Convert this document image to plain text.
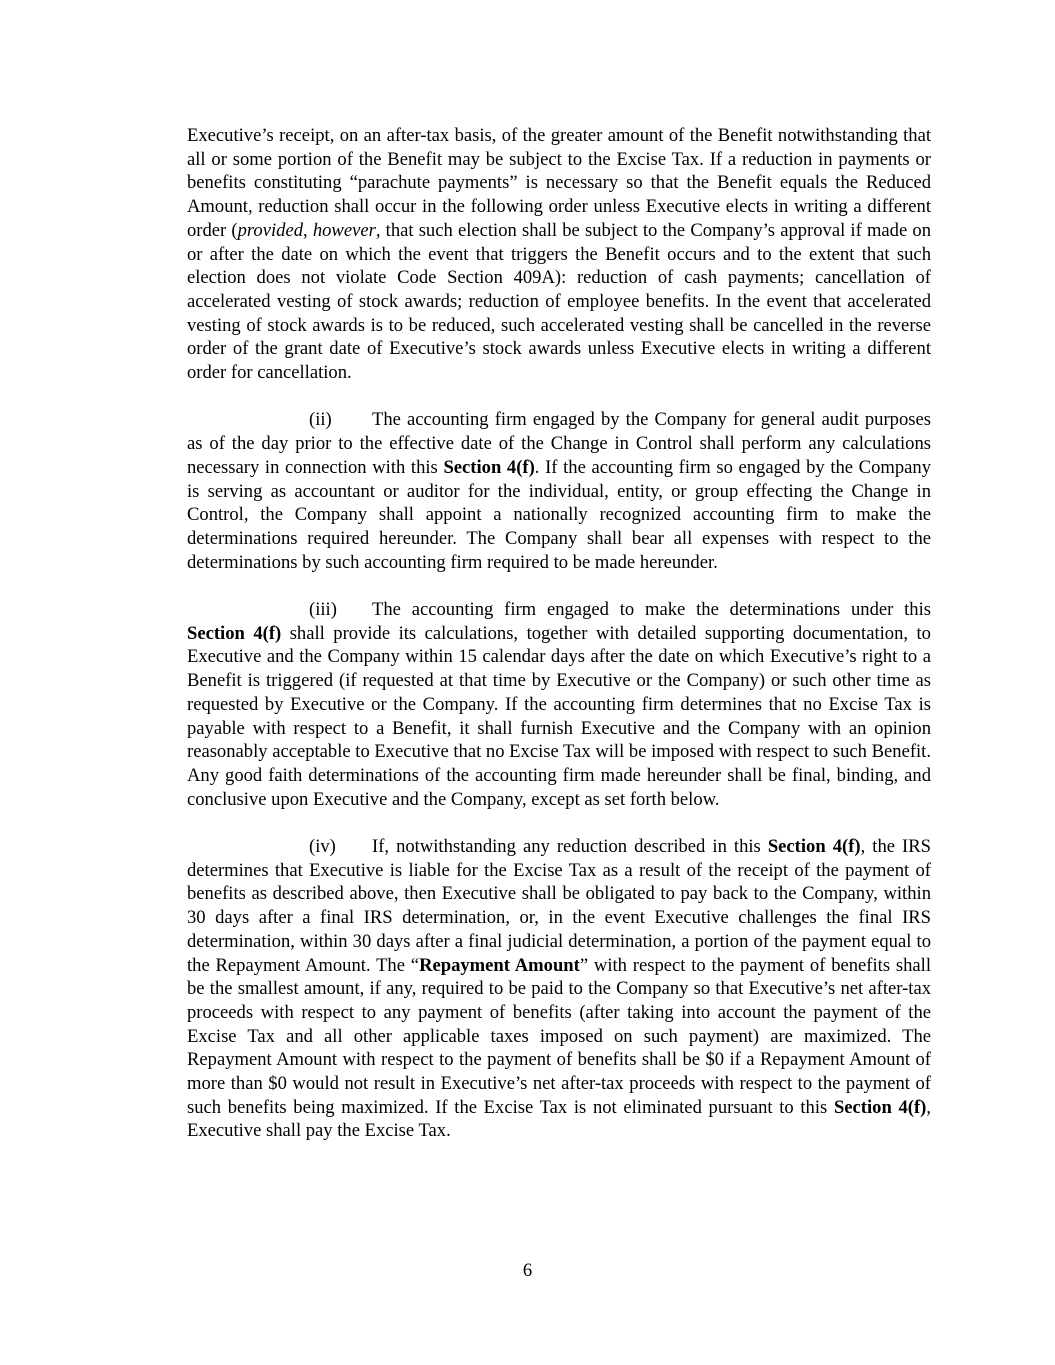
Executive’s receipt, on an after-tax basis, of the greater amount of the Benefit notwithstanding that all or some portion of the Benefit may be subject to the Excise Tax. If a reduction in payments or benefits constituting “parachute payments” is necessary so that the Benefit equals the Reduced Amount, reduction shall occur in the following order unless Executive elects in writing a different order (provided, however, that such election shall be subject to the Company’s approval if made on or after the date on which the event that triggers the Benefit occurs and to the extent that such election does not violate Code Section 409A): reduction of cash payments; cancellation of accelerated vesting of stock awards; reduction of employee benefits. In the event that accelerated vesting of stock awards is to be reduced, such accelerated vesting shall be cancelled in the reverse order of the grant date of Executive’s stock awards unless Executive elects in writing a different order for cancellation.

(ii) The accounting firm engaged by the Company for general audit purposes as of the day prior to the effective date of the Change in Control shall perform any calculations necessary in connection with this Section 4(f). If the accounting firm so engaged by the Company is serving as accountant or auditor for the individual, entity, or group effecting the Change in Control, the Company shall appoint a nationally recognized accounting firm to make the determinations required hereunder. The Company shall bear all expenses with respect to the determinations by such accounting firm required to be made hereunder.

(iii) The accounting firm engaged to make the determinations under this Section 4(f) shall provide its calculations, together with detailed supporting documentation, to Executive and the Company within 15 calendar days after the date on which Executive’s right to a Benefit is triggered (if requested at that time by Executive or the Company) or such other time as requested by Executive or the Company. If the accounting firm determines that no Excise Tax is payable with respect to a Benefit, it shall furnish Executive and the Company with an opinion reasonably acceptable to Executive that no Excise Tax will be imposed with respect to such Benefit. Any good faith determinations of the accounting firm made hereunder shall be final, binding, and conclusive upon Executive and the Company, except as set forth below.

(iv) If, notwithstanding any reduction described in this Section 4(f), the IRS determines that Executive is liable for the Excise Tax as a result of the receipt of the payment of benefits as described above, then Executive shall be obligated to pay back to the Company, within 30 days after a final IRS determination, or, in the event Executive challenges the final IRS determination, within 30 days after a final judicial determination, a portion of the payment equal to the Repayment Amount. The “Repayment Amount” with respect to the payment of benefits shall be the smallest amount, if any, required to be paid to the Company so that Executive’s net after-tax proceeds with respect to any payment of benefits (after taking into account the payment of the Excise Tax and all other applicable taxes imposed on such payment) are maximized. The Repayment Amount with respect to the payment of benefits shall be $0 if a Repayment Amount of more than $0 would not result in Executive’s net after-tax proceeds with respect to the payment of such benefits being maximized. If the Excise Tax is not eliminated pursuant to this Section 4(f), Executive shall pay the Excise Tax.

6
